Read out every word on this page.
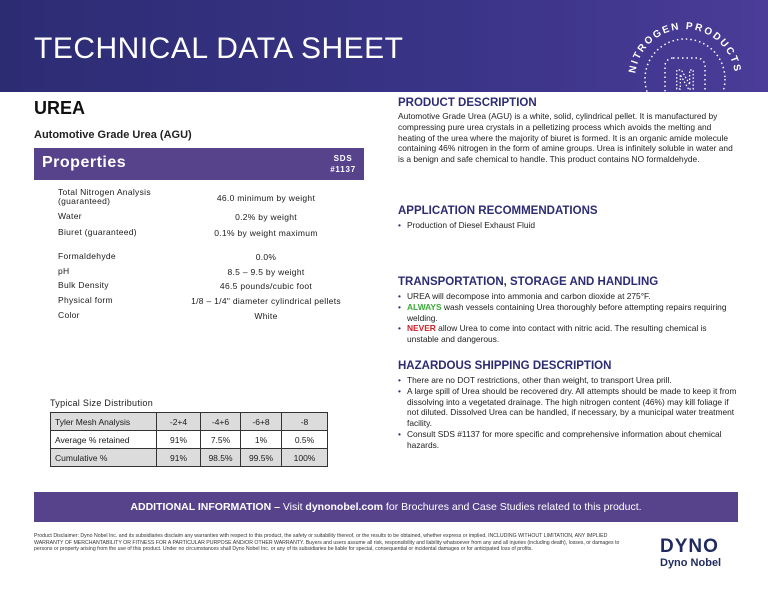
TECHNICAL DATA SHEET
NITROGEN PRODUCTS
N
UREA
Automotive Grade Urea (AGU)
Properties	SDS
#1137
Total Nitrogen Analysis (guaranteed)	46.0 minimum by weight
Water	0.2% by weight
Biuret (guaranteed)	0.1% by weight maximum
Formaldehyde	0.0%
pH	8.5 – 9.5 by weight
Bulk Density	46.5 pounds/cubic foot
Physical form	1/8 – 1/4" diameter cylindrical pellets
Color	White
Typical Size Distribution
Tyler Mesh Analysis	-2+4	-4+6	-6+8	-8
Average % retained	91%	7.5%	1%	0.5%
Cumulative %	91%	98.5%	99.5%	100%
PRODUCT DESCRIPTION
Automotive Grade Urea (AGU) is a white, solid, cylindrical pellet. It is manufactured by compressing pure urea crystals in a pelletizing process which avoids the melting and heating of the urea where the majority of biuret is formed. It is an organic amide molecule containing 46% nitrogen in the form of amine groups. Urea is infinitely soluble in water and is a benign and safe chemical to handle. This product contains NO formaldehyde.
APPLICATION RECOMMENDATIONS
• Production of Diesel Exhaust Fluid
TRANSPORTATION, STORAGE AND HANDLING
• UREA will decompose into ammonia and carbon dioxide at 275°F.
• ALWAYS wash vessels containing Urea thoroughly before attempting repairs requiring welding.
• NEVER allow Urea to come into contact with nitric acid. The resulting chemical is unstable and dangerous.
HAZARDOUS SHIPPING DESCRIPTION
• There are no DOT restrictions, other than weight, to transport Urea prill.
• A large spill of Urea should be recovered dry. All attempts should be made to keep it from dissolving into a vegetated drainage. The high nitrogen content (46%) may kill foliage if not diluted. Dissolved Urea can be handled, if necessary, by a municipal water treatment facility.
• Consult SDS #1137 for more specific and comprehensive information about chemical hazards.
ADDITIONAL INFORMATION – Visit dynonobel.com for Brochures and Case Studies related to this product.
Product Disclaimer: Dyno Nobel Inc. and its subsidiaries disclaim any warranties with respect to this product, the safety or suitability thereof, or the results to be obtained, whether express or implied, INCLUDING WITHOUT LIMITATION, ANY IMPLIED WARRANTY OF MERCHANTABILITY OR FITNESS FOR A PARTICULAR PURPOSE AND/OR OTHER WARRANTY. Buyers and users assume all risk, responsibility and liability whatsoever from any and all injuries (including death), losses, or damages to persons or property arising from the use of this product. Under no circumstances shall Dyno Nobel Inc. or any of its subsidiaries be liable for special, consequential or incidental damages or for anticipated loss of profits.	DYNO
Dyno Nobel
